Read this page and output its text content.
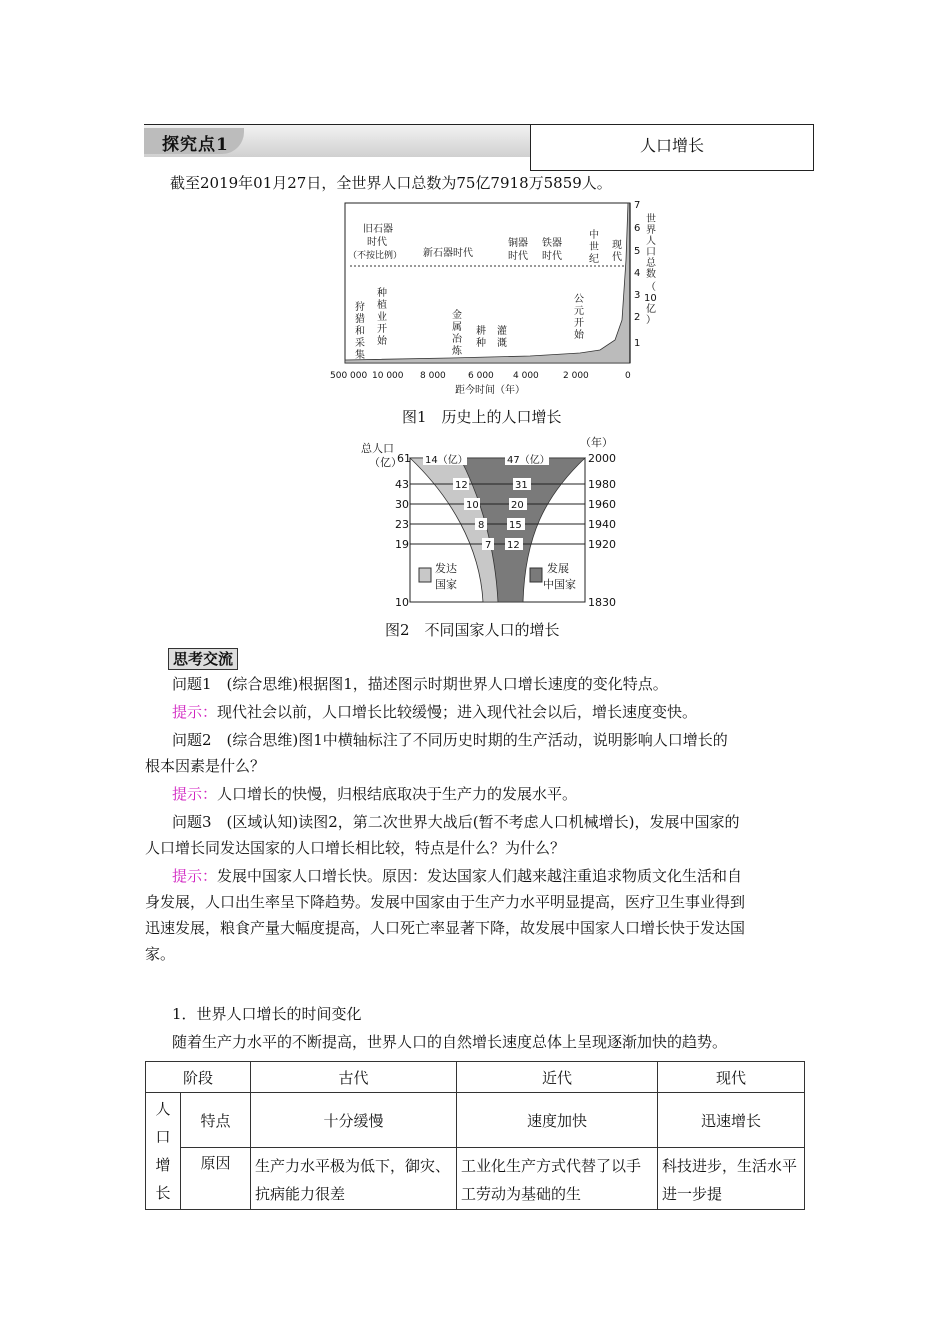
探究点1	人口增长
截至2019年01月27日，全世界人口总数为75亿7918万5859人。
旧石器
时代
（不按比例） 新石器时代
铜器
时代
铁器
时代
中
世
纪
现
代
狩
猎
和
采
集
种
植
业
开
始
金
属
冶
炼
耕
种
灌
溉
公
元
开
始
1
2
3
4
5
6
7
世
界
人
口
总
数
（
10
亿
）
500 000 10 000 8 000 6 000 4 000	2 000	0
距今时间（年）
图1　历史上的人口增长
总人口
（亿）
（年）
61
43
30
23
19
10
2000
1980
1960
1940
1920
1830
14（亿）
12
10
8
7
47（亿）
31
20
15
12
发达
国家
发展
中国家
图2　不同国家人口的增长
思考交流
问题1　(综合思维)根据图1，描述图示时期世界人口增长速度的变化特点。
提示：现代社会以前，人口增长比较缓慢；进入现代社会以后，增长速度变快。
问题2　(综合思维)图1中横轴标注了不同历史时期的生产活动，说明影响人口增长的
根本因素是什么？
提示：人口增长的快慢，归根结底取决于生产力的发展水平。
问题3　(区域认知)读图2，第二次世界大战后(暂不考虑人口机械增长)，发展中国家的
人口增长同发达国家的人口增长相比较，特点是什么？为什么？
提示：发展中国家人口增长快。原因：发达国家人们越来越注重追求物质文化生活和自
身发展，人口出生率呈下降趋势。发展中国家由于生产力水平明显提高，医疗卫生事业得到
迅速发展，粮食产量大幅度提高，人口死亡率显著下降，故发展中国家人口增长快于发达国
家。
1．世界人口增长的时间变化
随着生产力水平的不断提高，世界人口的自然增长速度总体上呈现逐渐加快的趋势。
阶段		古代	近代	现代

人
口
增
长	特点	十分缓慢	速度加快	迅速增长
	原因	生产力水平极为低下，御灾、抗病能力很差	工业化生产方式代替了以手工劳动为基础的生	科技进步，生活水平进一步提
